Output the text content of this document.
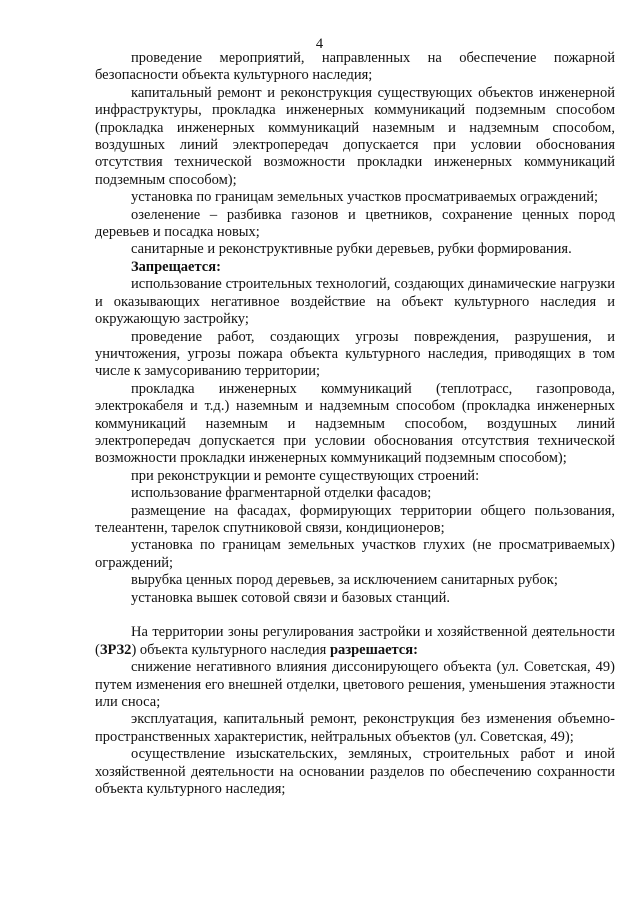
4

проведение мероприятий, направленных на обеспечение пожарной безопасности объекта культурного наследия;

капитальный ремонт и реконструкция существующих объектов инженерной инфраструктуры, прокладка инженерных коммуникаций подземным способом (прокладка инженерных коммуникаций наземным и надземным способом, воздушных линий электропередач допускается при условии обоснования отсутствия технической возможности прокладки инженерных коммуникаций подземным способом);

установка по границам земельных участков просматриваемых ограждений;

озеленение – разбивка газонов и цветников, сохранение ценных пород деревьев и посадка новых;

санитарные и реконструктивные рубки деревьев, рубки формирования.

Запрещается:

использование строительных технологий, создающих динамические нагрузки и оказывающих негативное воздействие на объект культурного наследия и окружающую застройку;

проведение работ, создающих угрозы повреждения, разрушения, и уничтожения, угрозы пожара объекта культурного наследия, приводящих в том числе к замусориванию территории;

прокладка инженерных коммуникаций (теплотрасс, газопровода, электрокабеля и т.д.) наземным и надземным способом (прокладка инженерных коммуникаций наземным и надземным способом, воздушных линий электропередач допускается при условии обоснования отсутствия технической возможности прокладки инженерных коммуникаций подземным способом);

при реконструкции и ремонте существующих строений:

использование фрагментарной отделки фасадов;

размещение на фасадах, формирующих территории общего пользования, телеантенн, тарелок спутниковой связи, кондиционеров;

установка по границам земельных участков глухих (не просматриваемых) ограждений;

вырубка ценных пород деревьев, за исключением санитарных рубок;

установка вышек сотовой связи и базовых станций.

На территории зоны регулирования застройки и хозяйственной деятельности (ЗРЗ2) объекта культурного наследия разрешается:

снижение негативного влияния диссонирующего объекта (ул. Советская, 49) путем изменения его внешней отделки, цветового решения, уменьшения этажности или сноса;

эксплуатация, капитальный ремонт, реконструкция без изменения объемно-пространственных характеристик, нейтральных объектов (ул. Советская, 49);

осуществление изыскательских, земляных, строительных работ и иной хозяйственной деятельности на основании разделов по обеспечению сохранности объекта культурного наследия;
